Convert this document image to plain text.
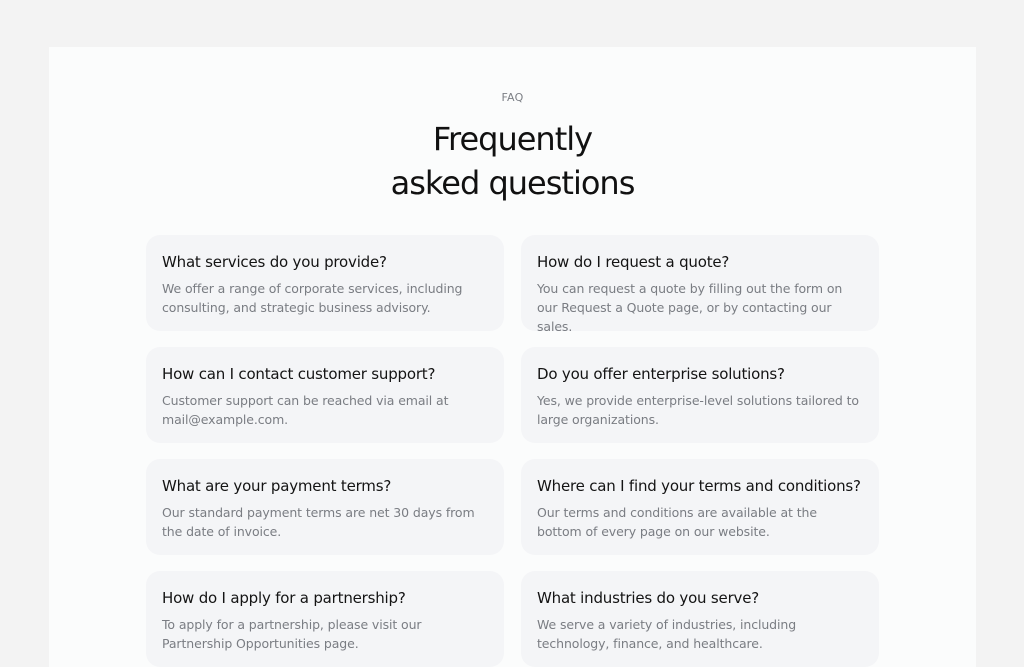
FAQ
Frequently
asked questions
What services do you provide?

We offer a range of corporate services, including consulting, and strategic business advisory.

How do I request a quote?

You can request a quote by filling out the form on our Request a Quote page, or by contacting our sales.

How can I contact customer support?

Customer support can be reached via email at mail@example.com.

Do you offer enterprise solutions?

Yes, we provide enterprise-level solutions tailored to large organizations.

What are your payment terms?

Our standard payment terms are net 30 days from the date of invoice.

Where can I find your terms and conditions?

Our terms and conditions are available at the bottom of every page on our website.

How do I apply for a partnership?

To apply for a partnership, please visit our Partnership Opportunities page.

What industries do you serve?

We serve a variety of industries, including technology, finance, and healthcare.
